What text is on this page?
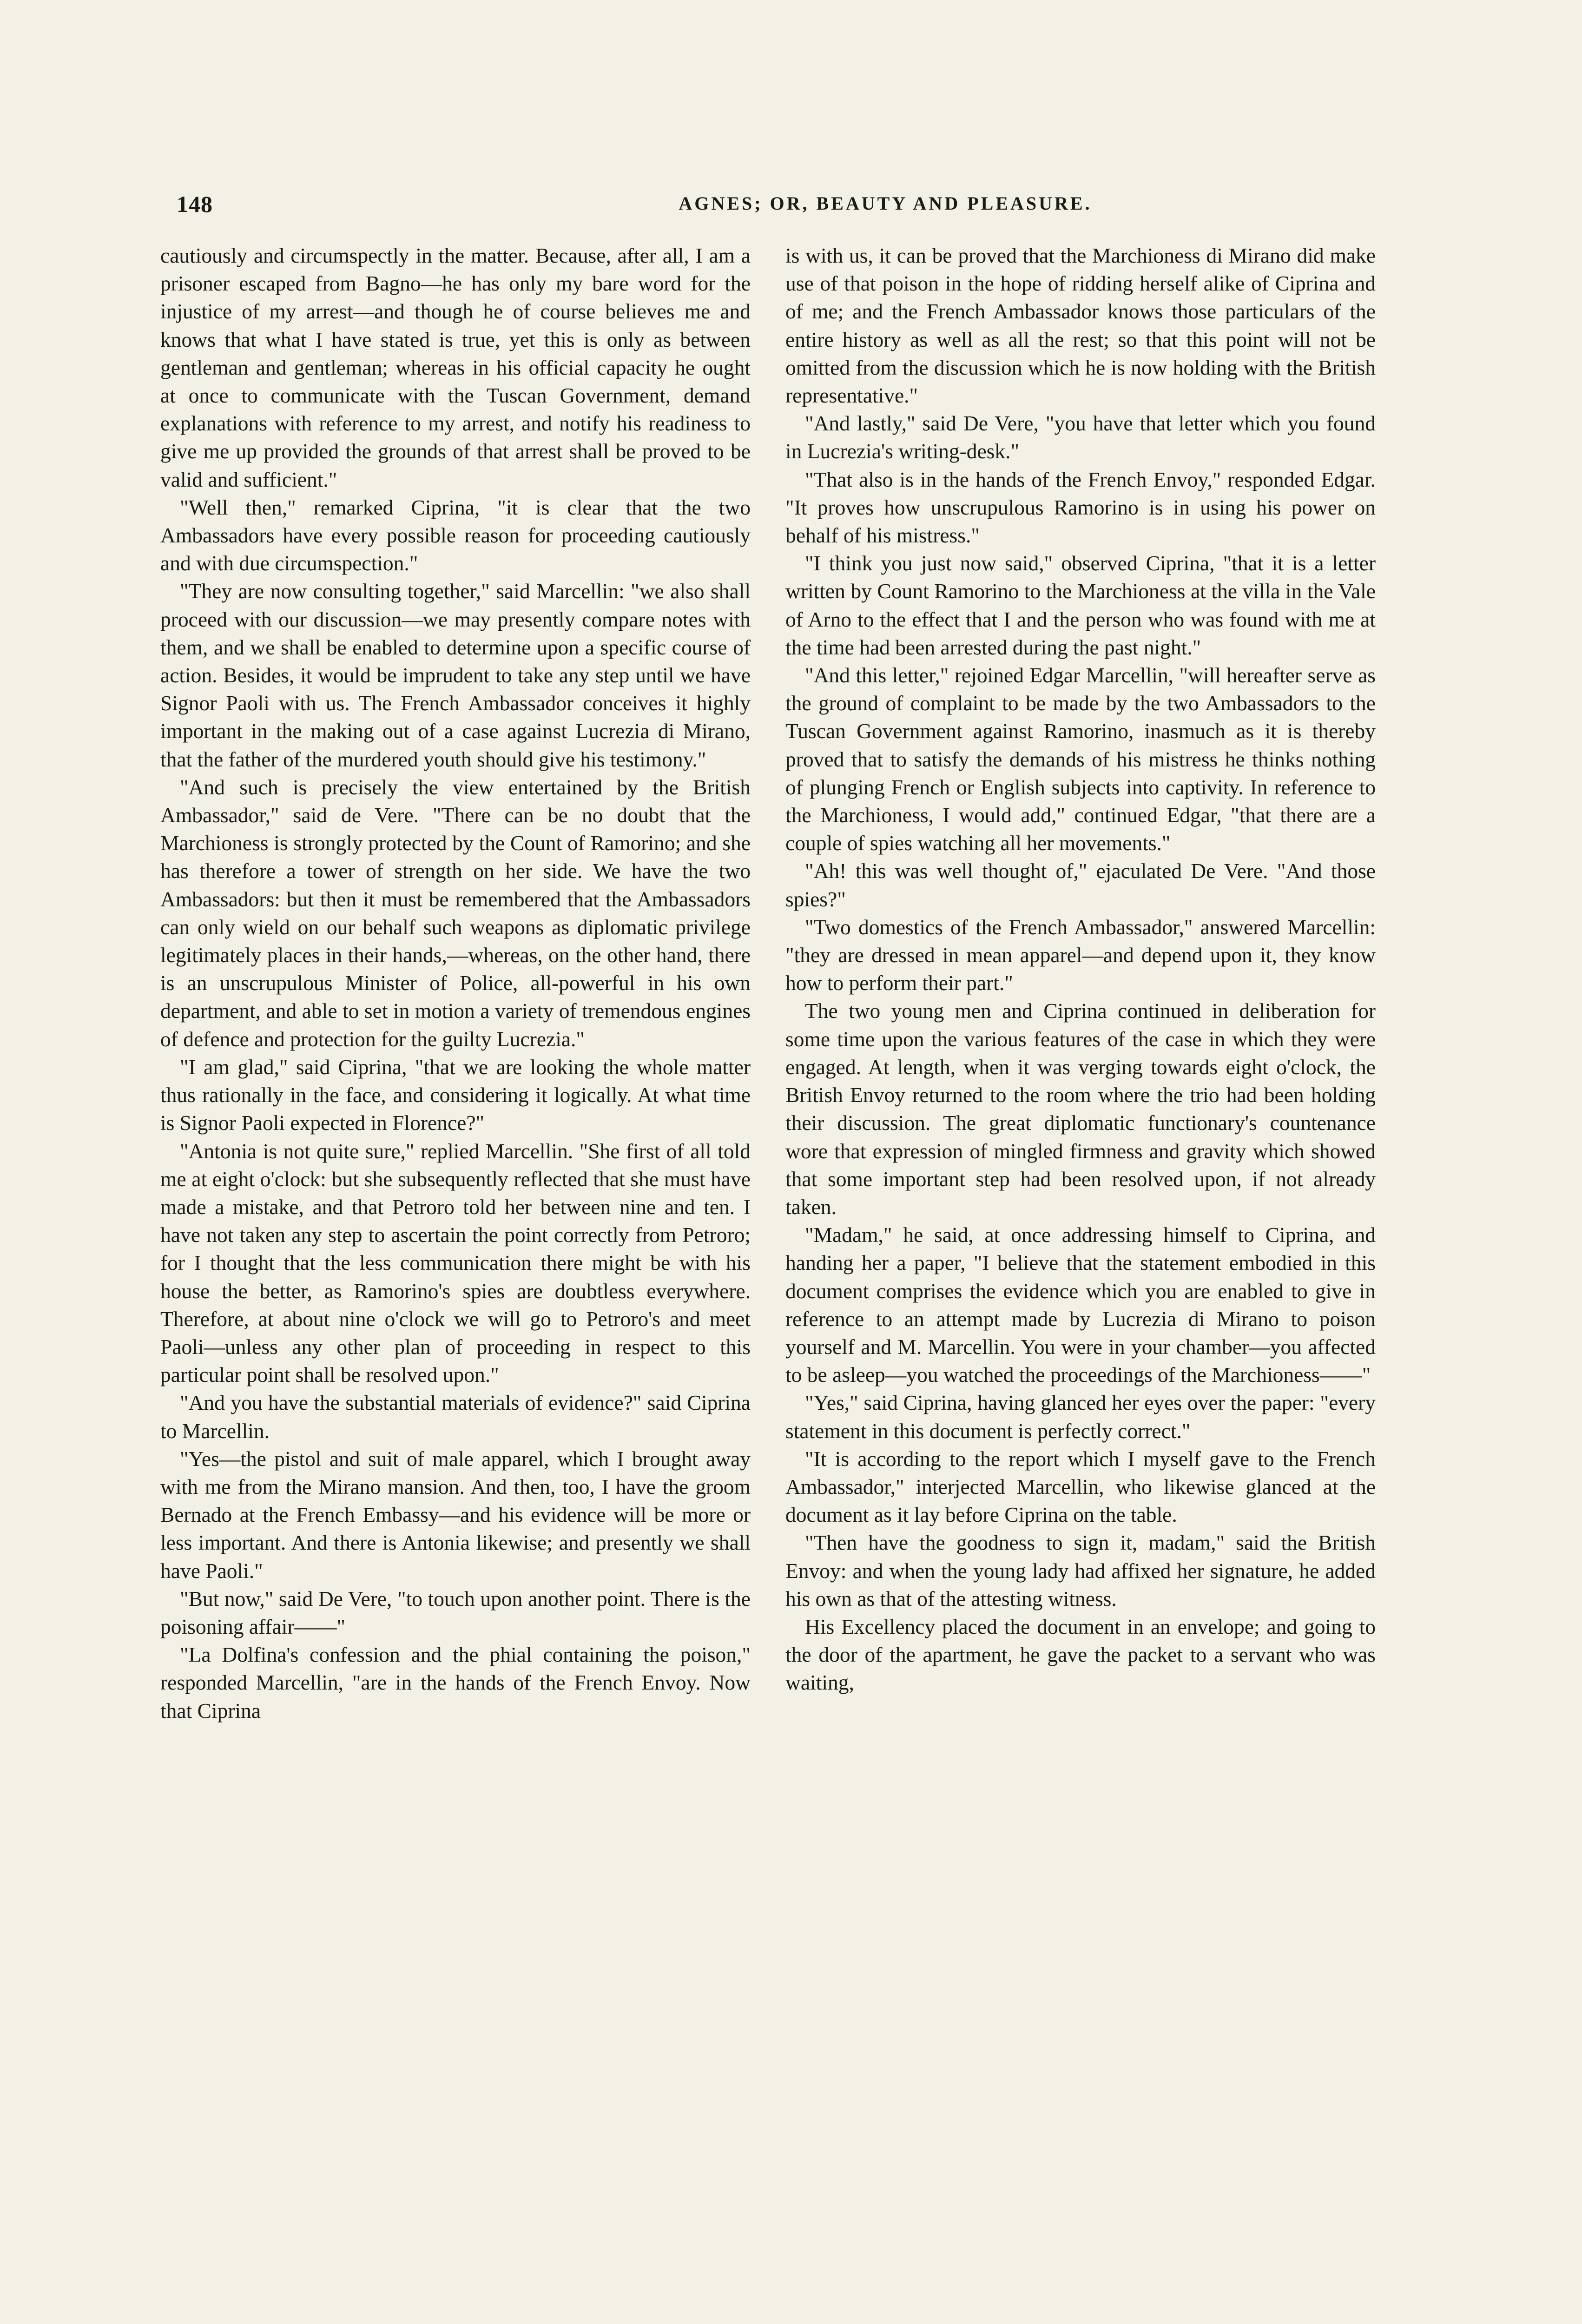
148	AGNES; OR, BEAUTY AND PLEASURE.

cautiously and circumspectly in the matter. Because, after all, I am a prisoner escaped from Bagno—he has only my bare word for the injustice of my arrest—and though he of course believes me and knows that what I have stated is true, yet this is only as between gentleman and gentleman; whereas in his official capacity he ought at once to communicate with the Tuscan Government, demand explanations with reference to my arrest, and notify his readiness to give me up provided the grounds of that arrest shall be proved to be valid and sufficient."

"Well then," remarked Ciprina, "it is clear that the two Ambassadors have every possible reason for proceeding cautiously and with due circumspection."

"They are now consulting together," said Marcellin: "we also shall proceed with our discussion—we may presently compare notes with them, and we shall be enabled to determine upon a specific course of action. Besides, it would be imprudent to take any step until we have Signor Paoli with us. The French Ambassador conceives it highly important in the making out of a case against Lucrezia di Mirano, that the father of the murdered youth should give his testimony."

"And such is precisely the view entertained by the British Ambassador," said de Vere. "There can be no doubt that the Marchioness is strongly protected by the Count of Ramorino; and she has therefore a tower of strength on her side. We have the two Ambassadors: but then it must be remembered that the Ambassadors can only wield on our behalf such weapons as diplomatic privilege legitimately places in their hands,—whereas, on the other hand, there is an unscrupulous Minister of Police, all-powerful in his own department, and able to set in motion a variety of tremendous engines of defence and protection for the guilty Lucrezia."

"I am glad," said Ciprina, "that we are looking the whole matter thus rationally in the face, and considering it logically. At what time is Signor Paoli expected in Florence?"

"Antonia is not quite sure," replied Marcellin. "She first of all told me at eight o'clock: but she subsequently reflected that she must have made a mistake, and that Petroro told her between nine and ten. I have not taken any step to ascertain the point correctly from Petroro; for I thought that the less communication there might be with his house the better, as Ramorino's spies are doubtless everywhere. Therefore, at about nine o'clock we will go to Petroro's and meet Paoli—unless any other plan of proceeding in respect to this particular point shall be resolved upon."

"And you have the substantial materials of evidence?" said Ciprina to Marcellin.

"Yes—the pistol and suit of male apparel, which I brought away with me from the Mirano mansion. And then, too, I have the groom Bernado at the French Embassy—and his evidence will be more or less important. And there is Antonia likewise; and presently we shall have Paoli."

"But now," said De Vere, "to touch upon another point. There is the poisoning affair——"

"La Dolfina's confession and the phial containing the poison," responded Marcellin, "are in the hands of the French Envoy. Now that Ciprina

is with us, it can be proved that the Marchioness di Mirano did make use of that poison in the hope of ridding herself alike of Ciprina and of me; and the French Ambassador knows those particulars of the entire history as well as all the rest; so that this point will not be omitted from the discussion which he is now holding with the British representative."

"And lastly," said De Vere, "you have that letter which you found in Lucrezia's writing-desk."

"That also is in the hands of the French Envoy," responded Edgar. "It proves how unscrupulous Ramorino is in using his power on behalf of his mistress."

"I think you just now said," observed Ciprina, "that it is a letter written by Count Ramorino to the Marchioness at the villa in the Vale of Arno to the effect that I and the person who was found with me at the time had been arrested during the past night."

"And this letter," rejoined Edgar Marcellin, "will hereafter serve as the ground of complaint to be made by the two Ambassadors to the Tuscan Government against Ramorino, inasmuch as it is thereby proved that to satisfy the demands of his mistress he thinks nothing of plunging French or English subjects into captivity. In reference to the Marchioness, I would add," continued Edgar, "that there are a couple of spies watching all her movements."

"Ah! this was well thought of," ejaculated De Vere. "And those spies?"

"Two domestics of the French Ambassador," answered Marcellin: "they are dressed in mean apparel—and depend upon it, they know how to perform their part."

The two young men and Ciprina continued in deliberation for some time upon the various features of the case in which they were engaged. At length, when it was verging towards eight o'clock, the British Envoy returned to the room where the trio had been holding their discussion. The great diplomatic functionary's countenance wore that expression of mingled firmness and gravity which showed that some important step had been resolved upon, if not already taken.

"Madam," he said, at once addressing himself to Ciprina, and handing her a paper, "I believe that the statement embodied in this document comprises the evidence which you are enabled to give in reference to an attempt made by Lucrezia di Mirano to poison yourself and M. Marcellin. You were in your chamber—you affected to be asleep—you watched the proceedings of the Marchioness——"

"Yes," said Ciprina, having glanced her eyes over the paper: "every statement in this document is perfectly correct."

"It is according to the report which I myself gave to the French Ambassador," interjected Marcellin, who likewise glanced at the document as it lay before Ciprina on the table.

"Then have the goodness to sign it, madam," said the British Envoy: and when the young lady had affixed her signature, he added his own as that of the attesting witness.

His Excellency placed the document in an envelope; and going to the door of the apartment, he gave the packet to a servant who was waiting,
